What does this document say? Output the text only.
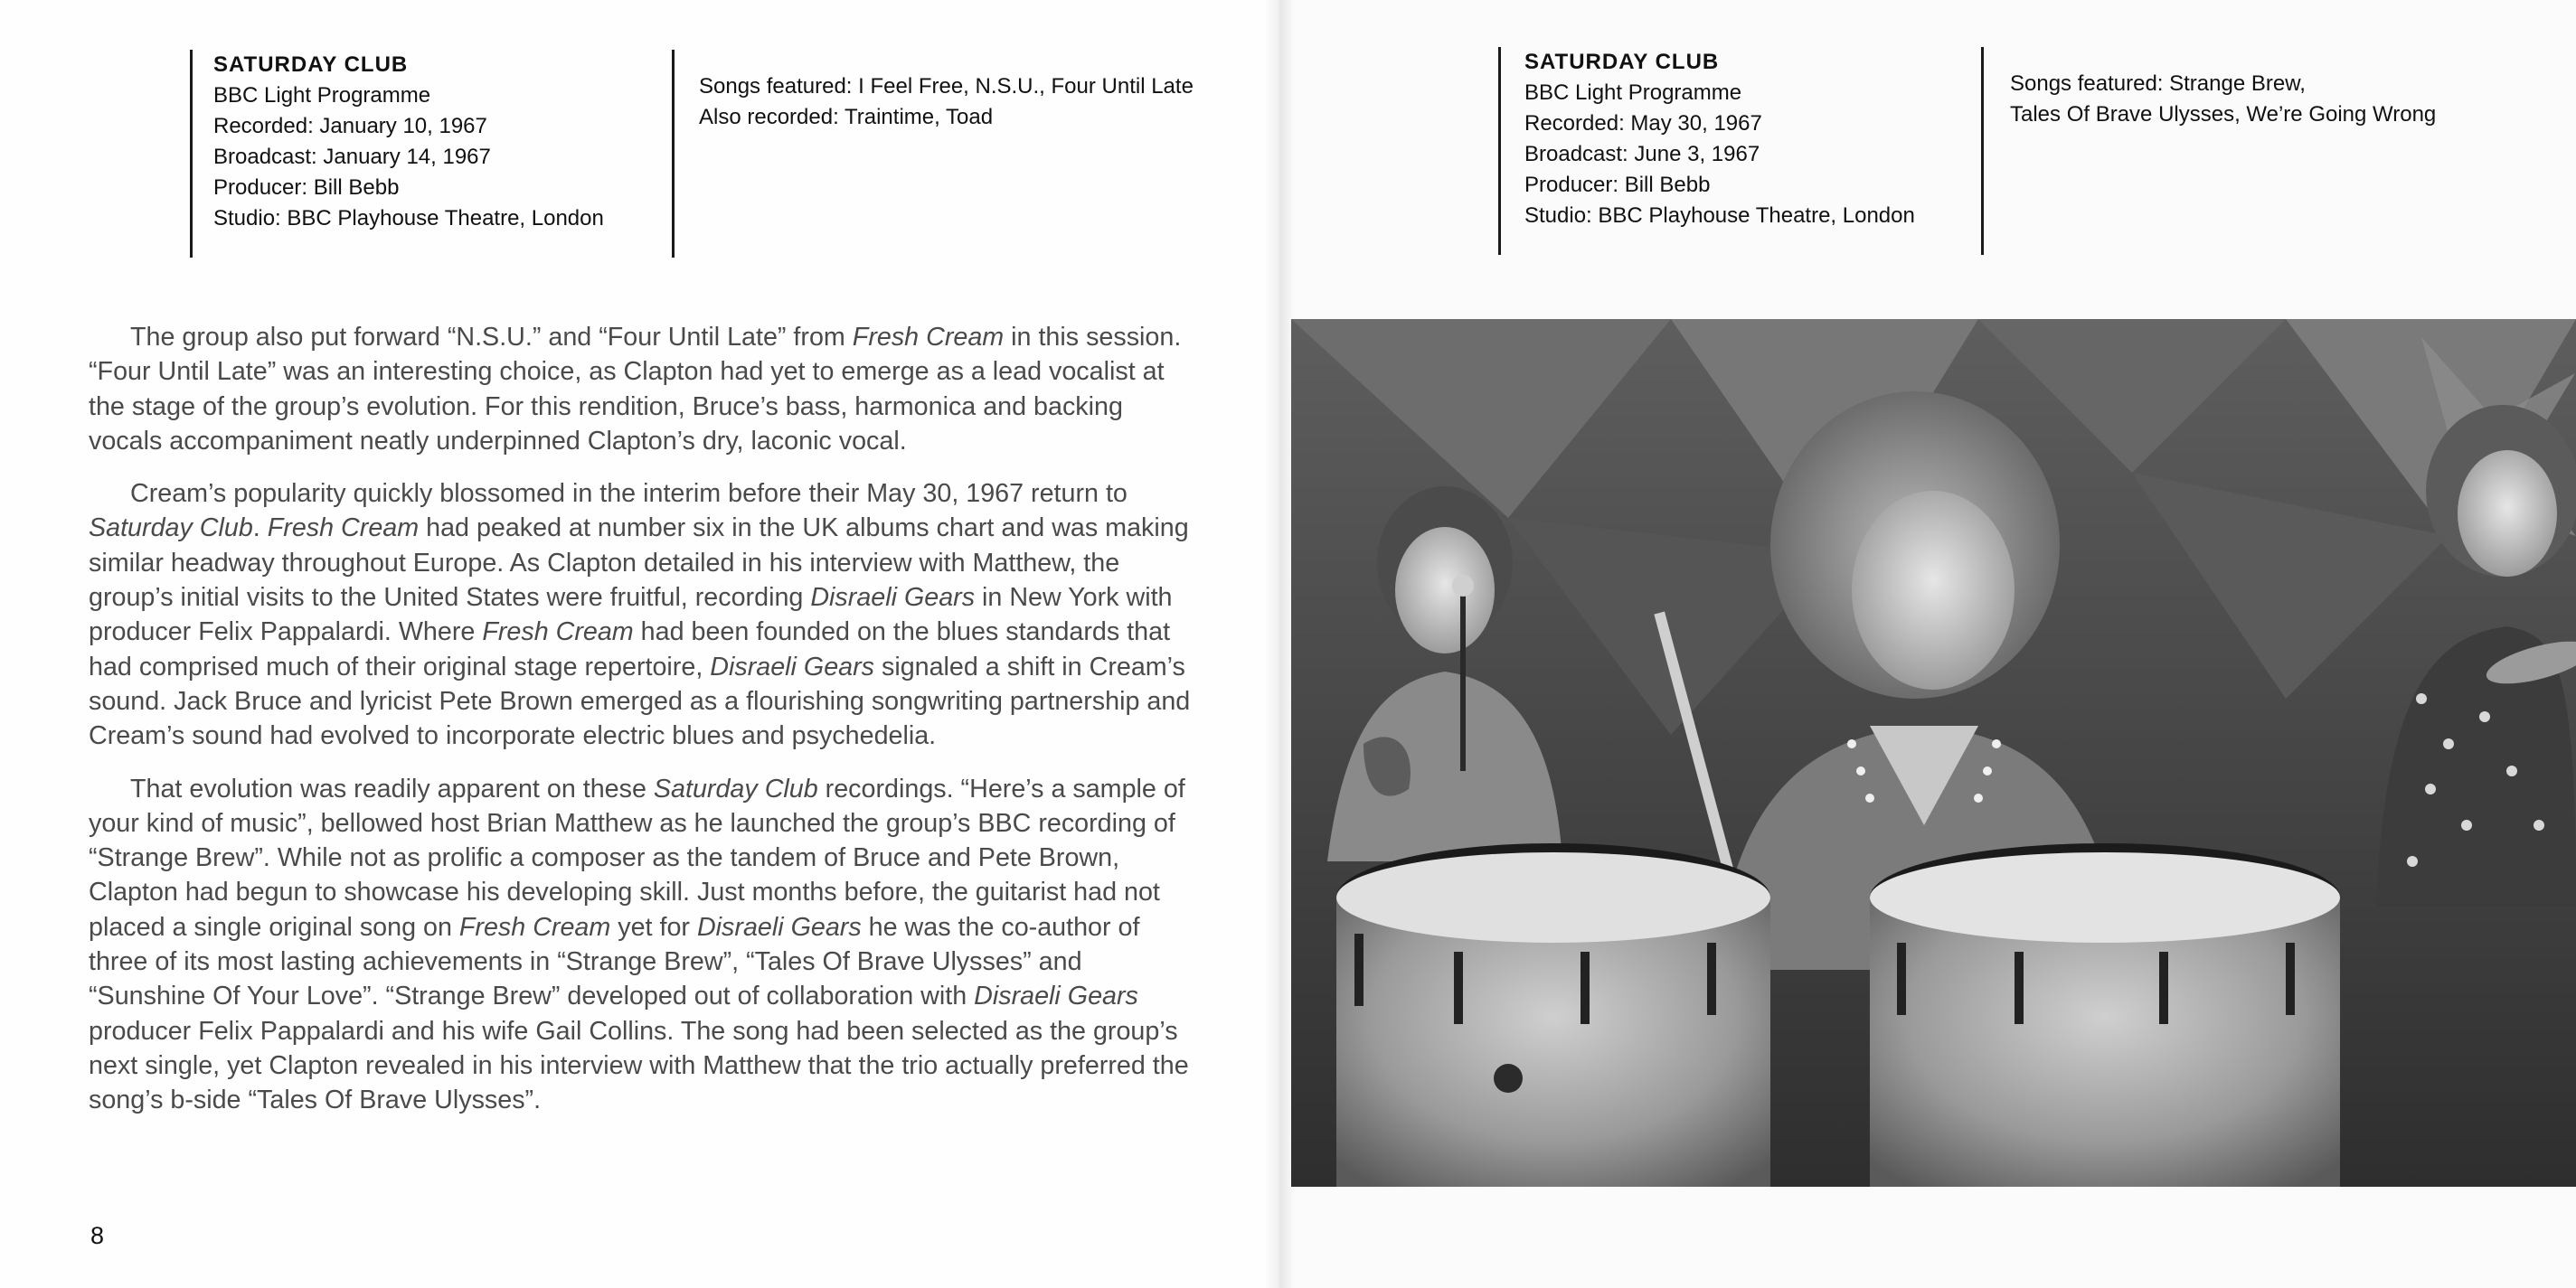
SATURDAY CLUB
BBC Light Programme
Recorded: January 10, 1967
Broadcast: January 14, 1967
Producer: Bill Bebb
Studio: BBC Playhouse Theatre, London
Songs featured: I Feel Free, N.S.U., Four Until Late
Also recorded: Traintime, Toad

The group also put forward “N.S.U.” and “Four Until Late” from Fresh Cream in this session. “Four Until Late” was an interesting choice, as Clapton had yet to emerge as a lead vocalist at the stage of the group’s evolution. For this rendition, Bruce’s bass, harmonica and backing vocals accompaniment neatly underpinned Clapton’s dry, laconic vocal.

Cream’s popularity quickly blossomed in the interim before their May 30, 1967 return to Saturday Club. Fresh Cream had peaked at number six in the UK albums chart and was making similar headway throughout Europe. As Clapton detailed in his interview with Matthew, the group’s initial visits to the United States were fruitful, recording Disraeli Gears in New York with producer Felix Pappalardi. Where Fresh Cream had been founded on the blues standards that had comprised much of their original stage repertoire, Disraeli Gears signaled a shift in Cream’s sound. Jack Bruce and lyricist Pete Brown emerged as a flourishing songwriting partnership and Cream’s sound had evolved to incorporate electric blues and psychedelia.

That evolution was readily apparent on these Saturday Club recordings. “Here’s a sample of your kind of music”, bellowed host Brian Matthew as he launched the group’s BBC recording of “Strange Brew”. While not as prolific a composer as the tandem of Bruce and Pete Brown, Clapton had begun to showcase his developing skill. Just months before, the guitarist had not placed a single original song on Fresh Cream yet for Disraeli Gears he was the co-author of three of its most lasting achievements in “Strange Brew”, “Tales Of Brave Ulysses” and “Sunshine Of Your Love”. “Strange Brew” developed out of collaboration with Disraeli Gears producer Felix Pappalardi and his wife Gail Collins. The song had been selected as the group’s next single, yet Clapton revealed in his interview with Matthew that the trio actually preferred the song’s b-side “Tales Of Brave Ulysses”.

8
SATURDAY CLUB
BBC Light Programme
Recorded: May 30, 1967
Broadcast: June 3, 1967
Producer: Bill Bebb
Studio: BBC Playhouse Theatre, London
Songs featured: Strange Brew,
Tales Of Brave Ulysses, We’re Going Wrong
